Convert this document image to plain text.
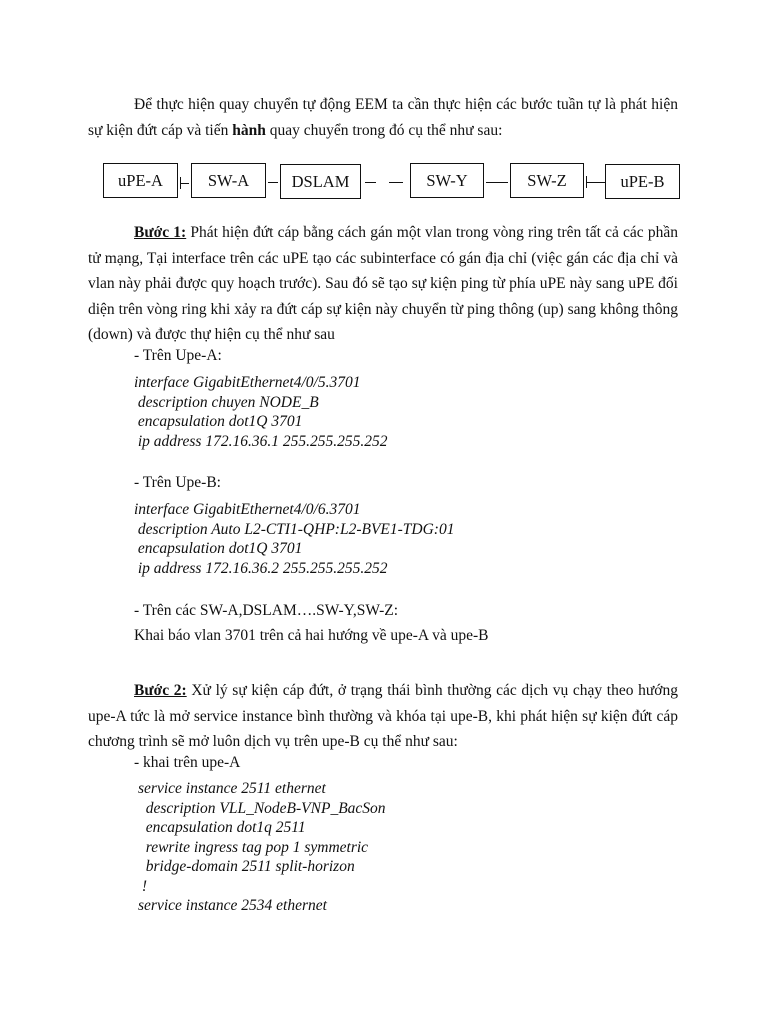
Để thực hiện quay chuyển tự động EEM ta cần thực hiện các bước tuần tự là phát hiện sự kiện đứt cáp và tiến hành quay chuyển trong đó cụ thể như sau:

uPE-A	SW-A	DSLAM	SW-Y	SW-Z	uPE-B

Bước 1: Phát hiện đứt cáp bằng cách gán một vlan trong vòng ring trên tất cả các phần tử mạng, Tại interface trên các uPE tạo các subinterface có gán địa chỉ (việc gán các địa chỉ và vlan này phải được quy hoạch trước). Sau đó sẽ tạo sự kiện ping từ phía uPE này sang uPE đối diện trên vòng ring khi xảy ra đứt cáp sự kiện này chuyển từ ping thông (up) sang không thông (down) và được thự hiện cụ thể như sau

- Trên Upe-A:

interface GigabitEthernet4/0/5.3701
description chuyen NODE_B
encapsulation dot1Q 3701
ip address 172.16.36.1 255.255.255.252

- Trên Upe-B:

interface GigabitEthernet4/0/6.3701
description Auto L2-CTI1-QHP:L2-BVE1-TDG:01
encapsulation dot1Q 3701
ip address 172.16.36.2 255.255.255.252

- Trên các SW-A,DSLAM….SW-Y,SW-Z:

Khai báo vlan 3701 trên cả hai hướng về upe-A và upe-B

Bước 2: Xử lý sự kiện cáp đứt, ở trạng thái bình thường các dịch vụ chạy theo hướng upe-A tức là mở service instance bình thường và khóa tại upe-B, khi phát hiện sự kiện đứt cáp chương trình sẽ mở luôn dịch vụ trên upe-B cụ thể như sau:

- khai trên upe-A

service instance 2511 ethernet
description VLL_NodeB-VNP_BacSon
encapsulation dot1q 2511
rewrite ingress tag pop 1 symmetric
bridge-domain 2511 split-horizon
!
service instance 2534 ethernet
